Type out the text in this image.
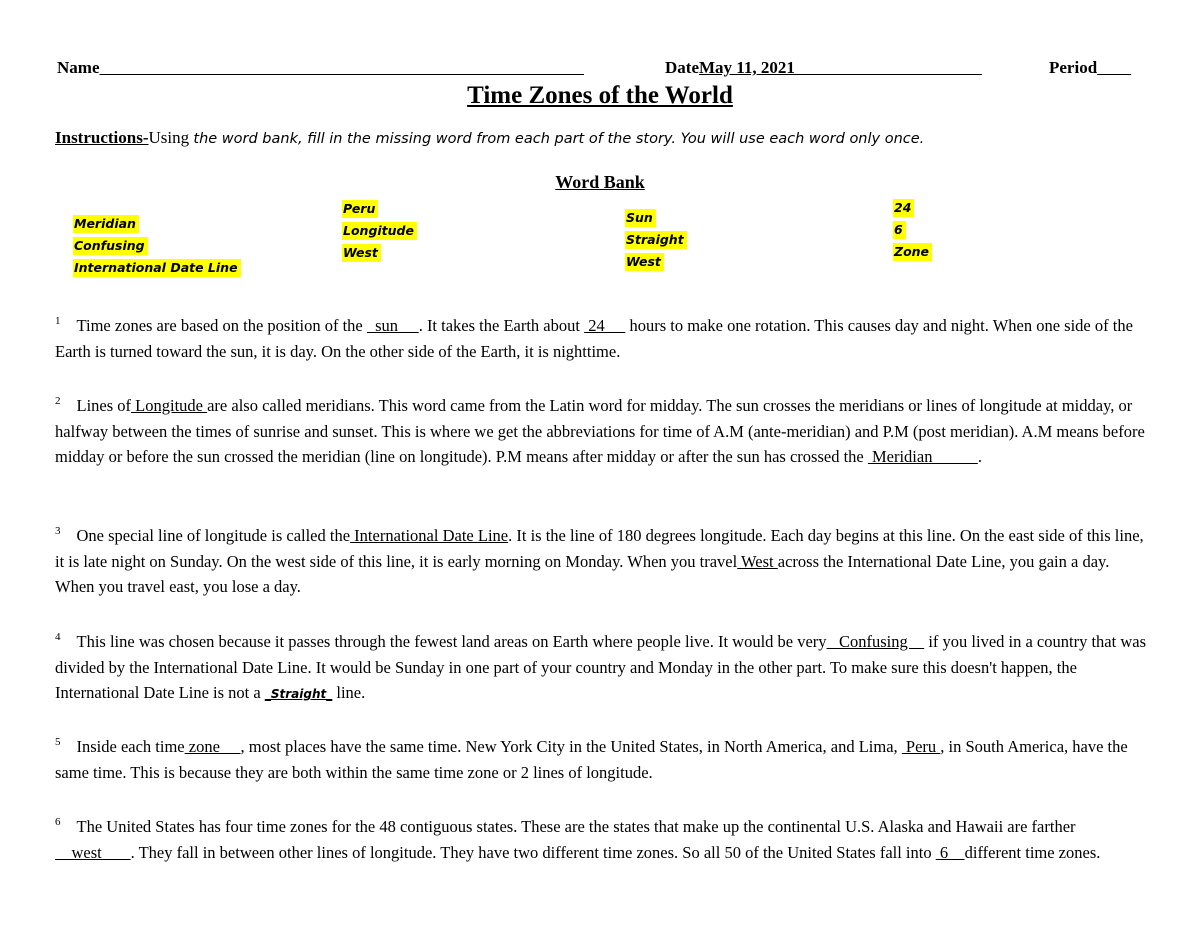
Name	DateMay 11, 2021	Period
Time Zones of the World
Instructions-Using the word bank, fill in the missing word from each part of the story. You will use each word only once.
Word Bank
Meridian
Confusing
International Date Line
Peru
Longitude
West
Sun
Straight
West
24
6
Zone
$^1$ Time zones are based on the position of the   sun     . It takes the Earth about  24      hours to make one rotation. This causes day and night. When one side of the Earth is turned toward the sun, it is day. On the other side of the Earth, it is nighttime.
$^2$ Lines of Longitude are also called meridians. This word came from the Latin word for midday. The sun crosses the meridians or lines of longitude at midday, or halfway between the times of sunrise and sunset. This is where we get the abbreviations for time of A.M (ante-meridian) and P.M (post meridian). A.M means before midday or before the sun crossed the meridian (line on longitude). P.M means after midday or after the sun has crossed the  Meridian           .
$^3$ One special line of longitude is called the International Date Line. It is the line of 180 degrees longitude. Each day begins at this line. On the east side of this line, it is late night on Sunday. On the west side of this line, it is early morning on Monday. When you travel West across the International Date Line, you gain a day. When you travel east, you lose a day.
$^4$ This line was chosen because it passes through the fewest land areas on Earth where people live. It would be very _Confusing     if you lived in a country that was divided by the International Date Line. It would be Sunday in one part of your country and Monday in the other part. To make sure this doesn't happen, the International Date Line is not a _Straight_ line.
$^5$ Inside each time zone     , most places have the same time. New York City in the United States, in North America, and Lima,  Peru , in South America, have the same time. This is because they are both within the same time zone or 2 lines of longitude.
$^6$ The United States has four time zones for the 48 contiguous states. These are the states that make up the continental U.S. Alaska and Hawaii are farther     west       . They fall in between other lines of longitude. They have two different time zones. So all 50 of the United States fall into  6    different time zones.
